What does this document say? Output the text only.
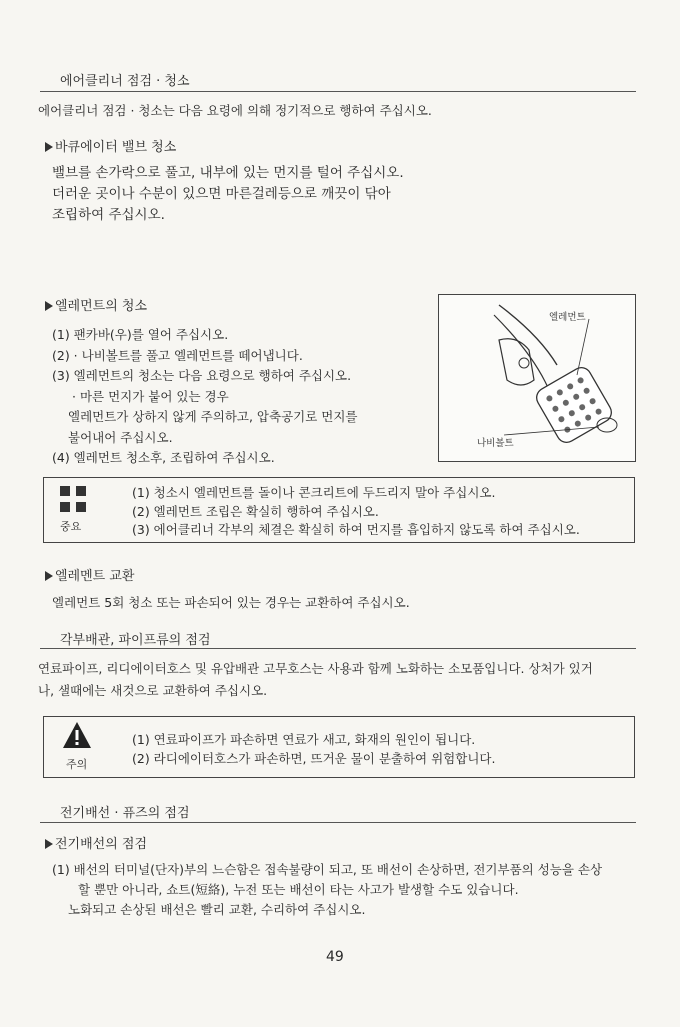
에어클리너 점검 · 청소
에어클리너 점검 · 청소는 다음 요령에 의해 정기적으로 행하여 주십시오.
바큐에이터 밸브 청소
밸브를 손가락으로 풀고, 내부에 있는 먼지를 털어 주십시오.
더러운 곳이나 수분이 있으면 마른걸레등으로 깨끗이 닦아
조립하여 주십시오.
엘레먼트의 청소
(1) 팬카바(우)를 열어 주십시오.
(2) · 나비볼트를 풀고 엘레먼트를 떼어냅니다.
(3) 엘레먼트의 청소는 다음 요령으로 행하여 주십시오.
· 마른 먼지가 붙어 있는 경우
엘레먼트가 상하지 않게 주의하고, 압축공기로 먼지를
불어내어 주십시오.
(4) 엘레먼트 청소후, 조립하여 주십시오.
엘레먼트
나비볼트
중요
(1) 청소시 엘레먼트를 돌이나 콘크리트에 두드리지 말아 주십시오.
(2) 엘레먼트 조립은 확실히 행하여 주십시오.
(3) 에어클리너 각부의 체결은 확실히 하여 먼지를 흡입하지 않도록 하여 주십시오.
엘레멘트 교환
엘레먼트 5회 청소 또는 파손되어 있는 경우는 교환하여 주십시오.
각부배관, 파이프류의 점검
연료파이프, 리디에이터호스 및 유압배관 고무호스는 사용과 함께 노화하는 소모품입니다. 상처가 있거
나, 샐때에는 새것으로 교환하여 주십시오.
주의
(1) 연료파이프가 파손하면 연료가 새고, 화재의 원인이 됩니다.
(2) 라디에이터호스가 파손하면, 뜨거운 물이 분출하여 위험합니다.
전기배선 · 퓨즈의 점검
전기배선의 점검
(1) 배선의 터미널(단자)부의 느슨함은 접속불량이 되고, 또 배선이 손상하면, 전기부품의 성능을 손상
할 뿐만 아니라, 쇼트(短絡), 누전 또는 배선이 타는 사고가 발생할 수도 있습니다.
노화되고 손상된 배선은 빨리 교환, 수리하여 주십시오.
49
